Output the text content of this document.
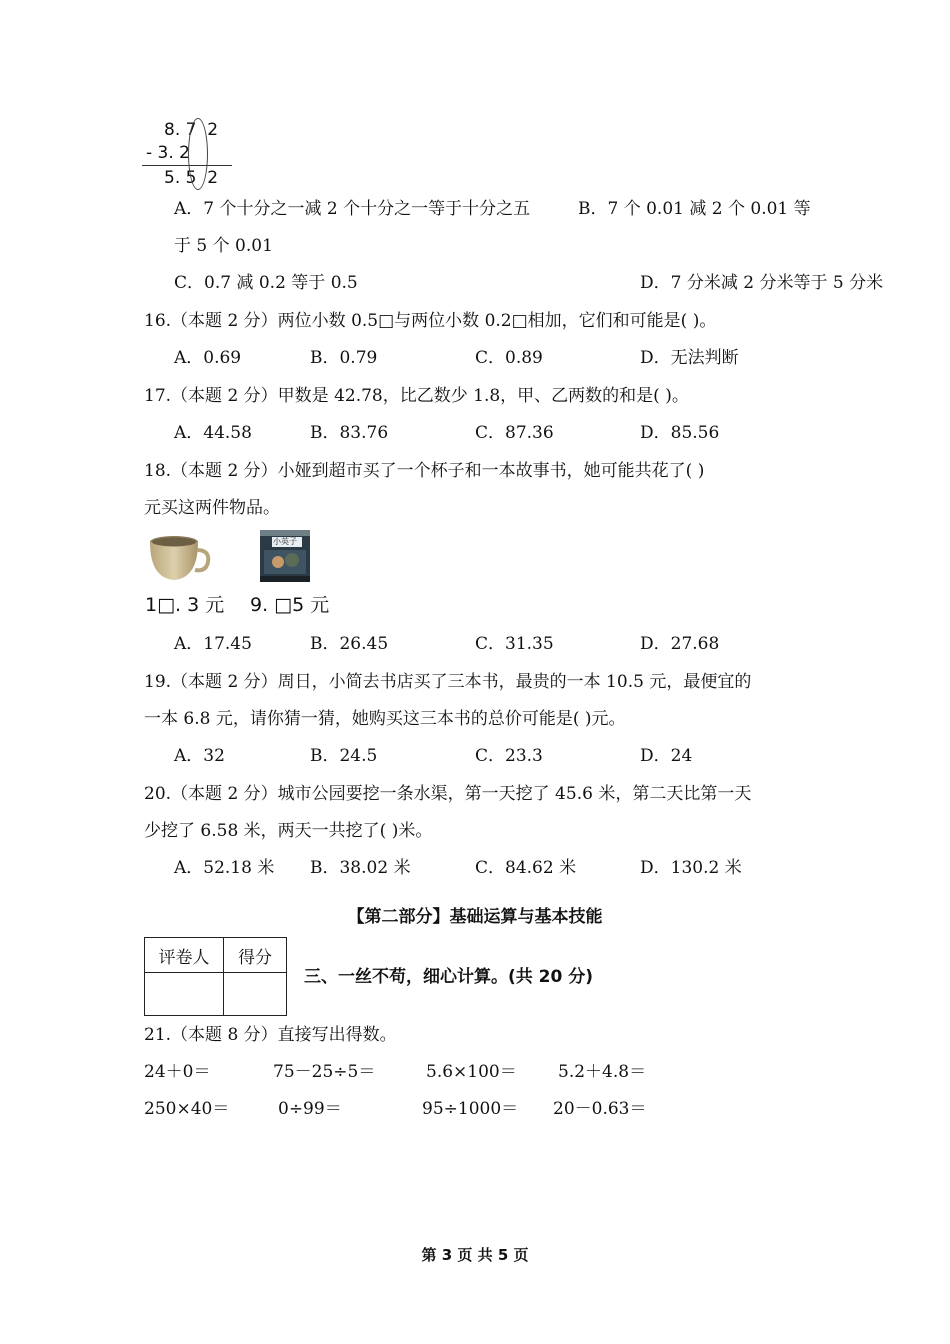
8. 7  2
- 3. 2
5. 5  2
A．7 个十分之一减 2 个十分之一等于十分之五	B．7 个 0.01 减 2 个 0.01 等
于 5 个 0.01
C．0.7 减 0.2 等于 0.5	D．7 分米减 2 分米等于 5 分米
16.（本题 2 分）两位小数 0.5□与两位小数 0.2□相加，它们和可能是( )。
A．0.69	B．0.79	C．0.89	D．无法判断
17.（本题 2 分）甲数是 42.78，比乙数少 1.8，甲、乙两数的和是( )。
A．44.58	B．83.76	C．87.36	D．85.56
18.（本题 2 分）小娅到超市买了一个杯子和一本故事书，她可能共花了( )
元买这两件物品。
小英子
1□. 3 元 9. □5 元
A．17.45	B．26.45	C．31.35	D．27.68
19.（本题 2 分）周日，小简去书店买了三本书，最贵的一本 10.5 元，最便宜的
一本 6.8 元，请你猜一猜，她购买这三本书的总价可能是( )元。
A．32	B．24.5	C．23.3	D．24
20.（本题 2 分）城市公园要挖一条水渠，第一天挖了 45.6 米，第二天比第一天
少挖了 6.58 米，两天一共挖了( )米。
A．52.18 米 B．38.02 米	C．84.62 米	D．130.2 米
【第二部分】基础运算与基本技能
评卷人	得分

三、一丝不苟，细心计算。(共 20 分)
21.（本题 8 分）直接写出得数。
24＋0＝	75－25÷5＝	5.6×100＝ 5.2＋4.8＝
250×40＝	0÷99＝	95÷1000＝ 20－0.63＝
第 3 页 共 5 页
